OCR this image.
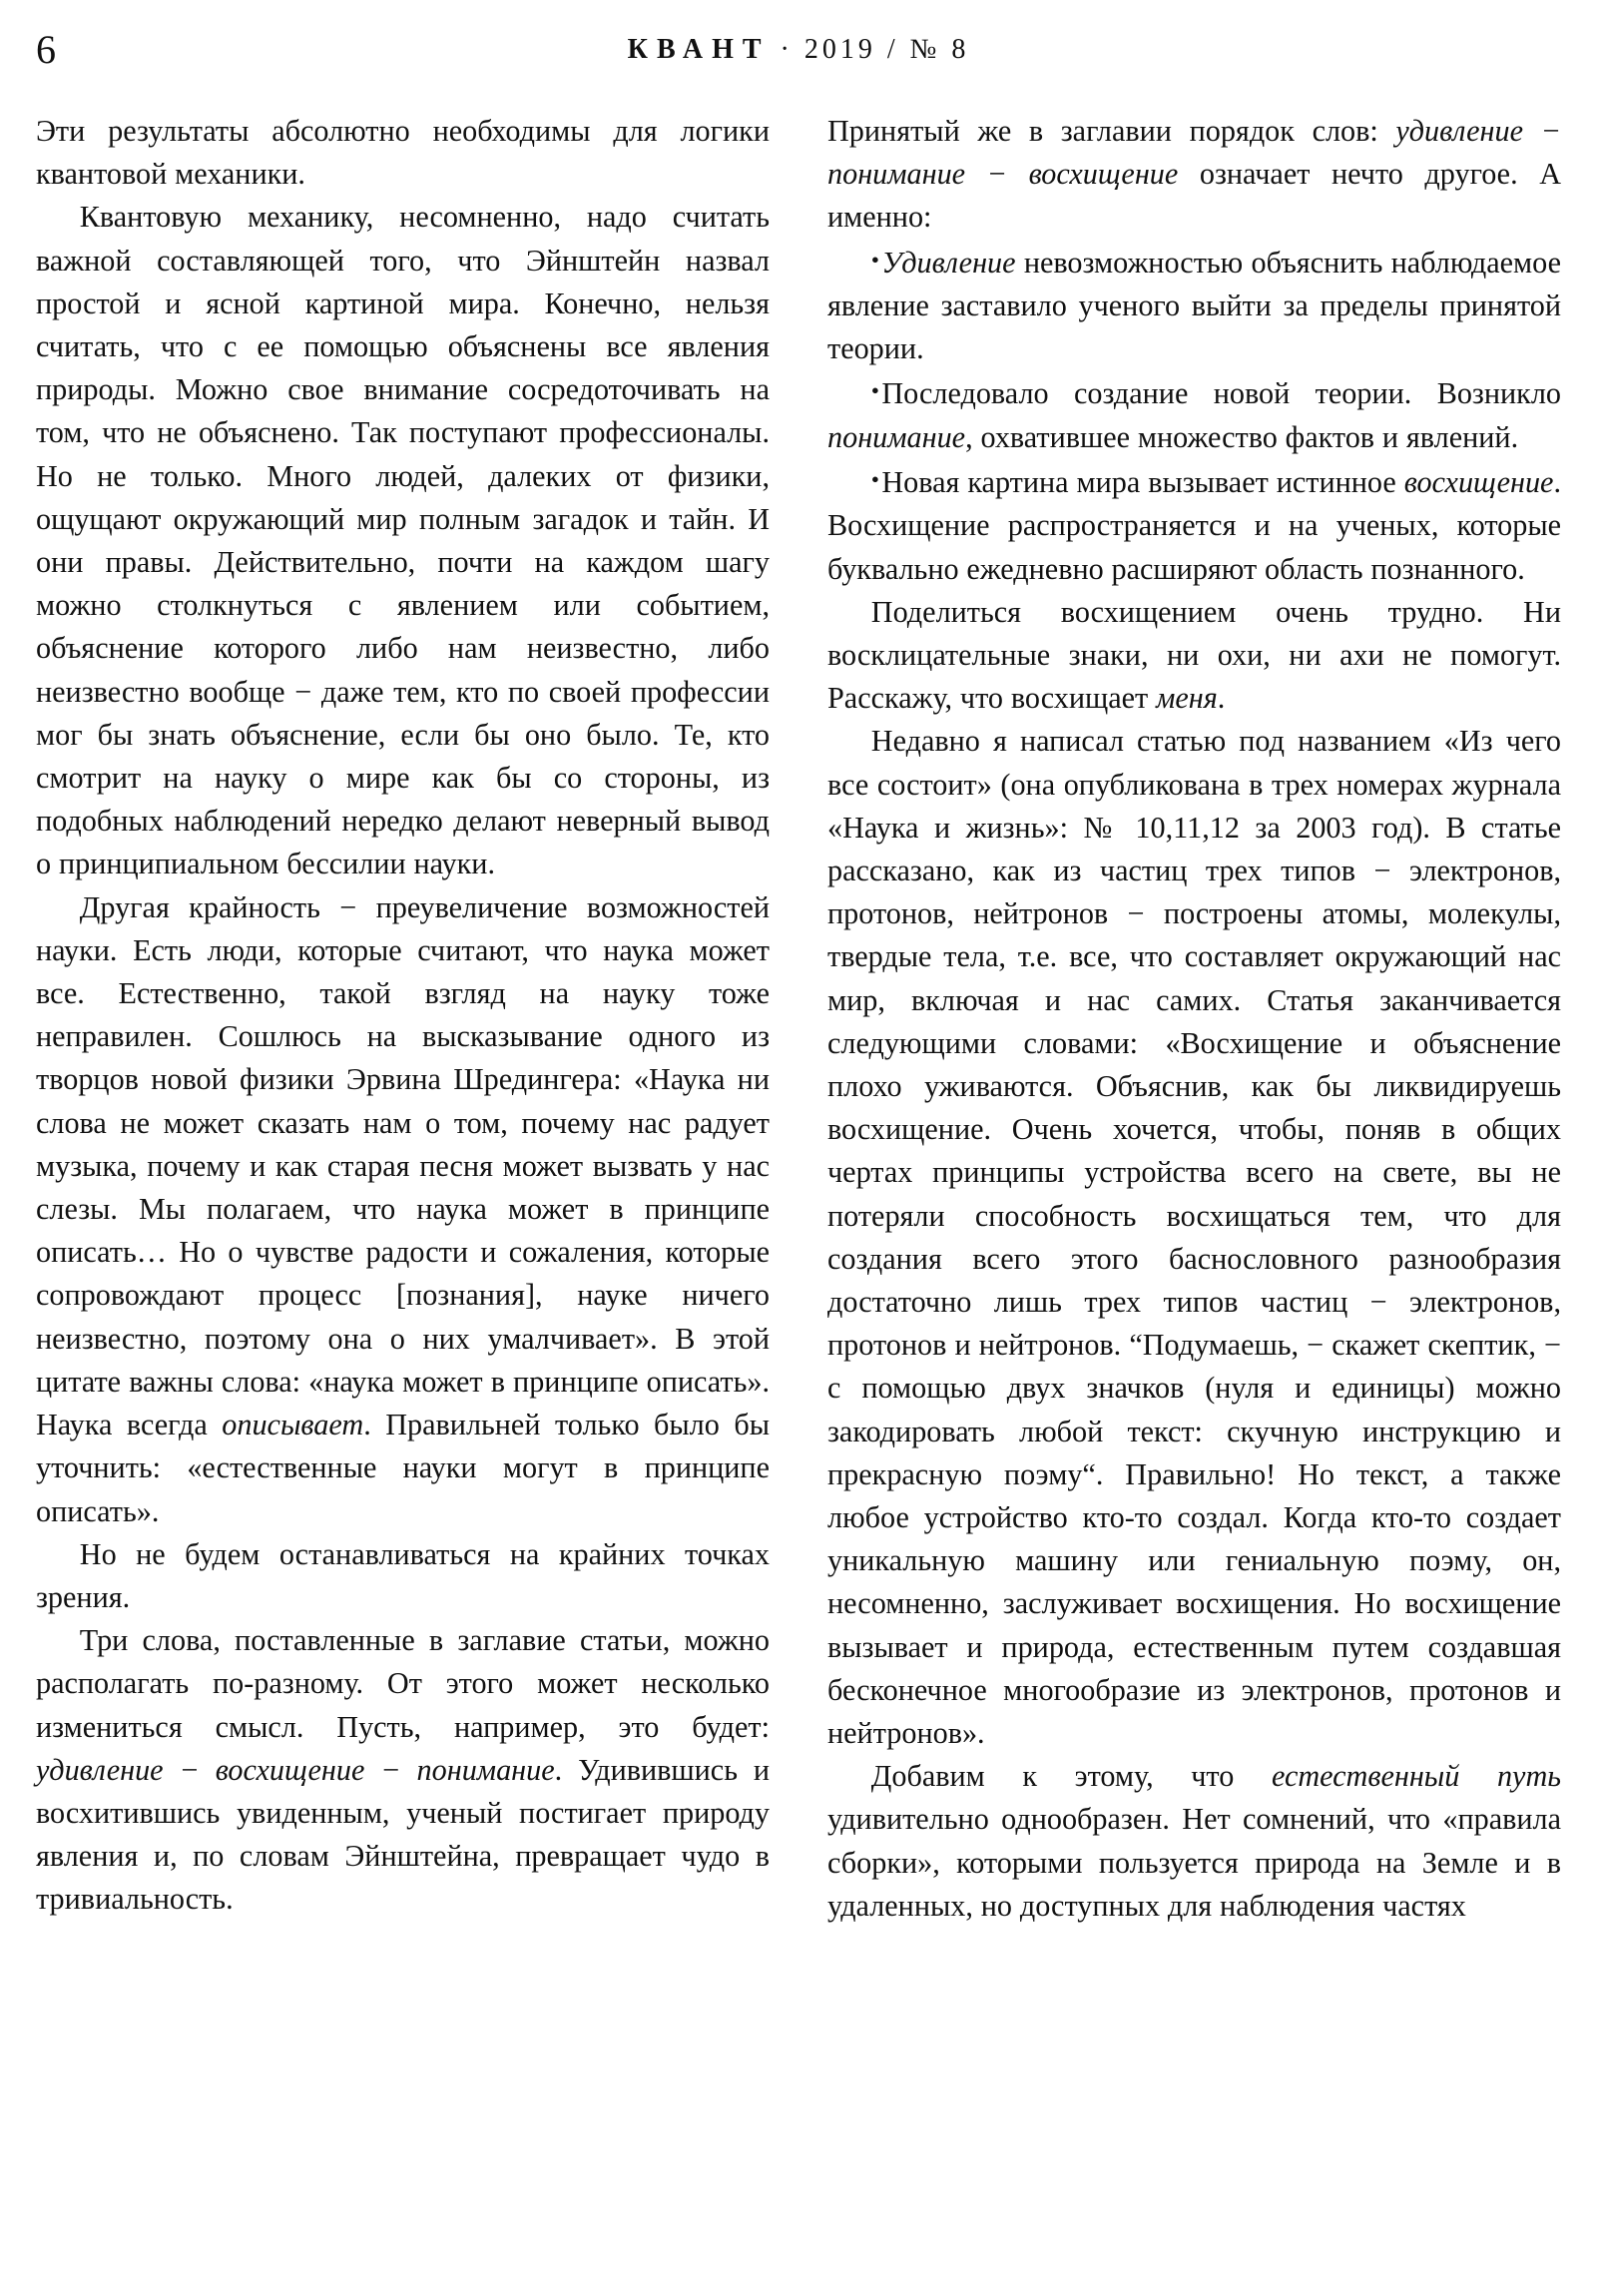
6	КВАНТ · 2019 / № 8

Эти результаты абсолютно необходимы для логики квантовой механики.

Квантовую механику, несомненно, надо считать важной составляющей того, что Эйнштейн назвал простой и ясной картиной мира. Конечно, нельзя считать, что с ее помощью объяснены все явления природы. Можно свое внимание сосредоточивать на том, что не объяснено. Так поступают профессионалы. Но не только. Много людей, далеких от физики, ощущают окружающий мир полным загадок и тайн. И они правы. Действительно, почти на каждом шагу можно столкнуться с явлением или событием, объяснение которого либо нам неизвестно, либо неизвестно вообще − даже тем, кто по своей профессии мог бы знать объяснение, если бы оно было. Те, кто смотрит на науку о мире как бы со стороны, из подобных наблюдений нередко делают неверный вывод о принципиальном бессилии науки.

Другая крайность − преувеличение возможностей науки. Есть люди, которые считают, что наука может все. Естественно, такой взгляд на науку тоже неправилен. Сошлюсь на высказывание одного из творцов новой физики Эрвина Шредингера: «Наука ни слова не может сказать нам о том, почему нас радует музыка, почему и как старая песня может вызвать у нас слезы. Мы полагаем, что наука может в принципе описать… Но о чувстве радости и сожаления, которые сопровождают процесс [познания], науке ничего неизвестно, поэтому она о них умалчивает». В этой цитате важны слова: «наука может в принципе описать». Наука всегда описывает. Правильней только было бы уточнить: «естественные науки могут в принципе описать».

Но не будем останавливаться на крайних точках зрения.

Три слова, поставленные в заглавие статьи, можно располагать по-разному. От этого может несколько измениться смысл. Пусть, например, это будет: удивление − восхищение − понимание. Удивившись и восхитившись увиденным, ученый постигает природу явления и, по словам Эйнштейна, превращает чудо в тривиальность.

Принятый же в заглавии порядок слов: удивление − понимание − восхищение означает нечто другое. А именно:

•Удивление невозможностью объяснить наблюдаемое явление заставило ученого выйти за пределы принятой теории.

•Последовало создание новой теории. Возникло понимание, охватившее множество фактов и явлений.

•Новая картина мира вызывает истинное восхищение. Восхищение распространяется и на ученых, которые буквально ежедневно расширяют область познанного.

Поделиться восхищением очень трудно. Ни восклицательные знаки, ни охи, ни ахи не помогут. Расскажу, что восхищает меня.

Недавно я написал статью под названием «Из чего все состоит» (она опубликована в трех номерах журнала «Наука и жизнь»: № 10,11,12 за 2003 год). В статье рассказано, как из частиц трех типов − электронов, протонов, нейтронов − построены атомы, молекулы, твердые тела, т.е. все, что составляет окружающий нас мир, включая и нас самих. Статья заканчивается следующими словами: «Восхищение и объяснение плохо уживаются. Объяснив, как бы ликвидируешь восхищение. Очень хочется, чтобы, поняв в общих чертах принципы устройства всего на свете, вы не потеряли способность восхищаться тем, что для создания всего этого баснословного разнообразия достаточно лишь трех типов частиц − электронов, протонов и нейтронов. “Подумаешь, − скажет скептик, − с помощью двух значков (нуля и единицы) можно закодировать любой текст: скучную инструкцию и прекрасную поэму“. Правильно! Но текст, а также любое устройство кто-то создал. Когда кто-то создает уникальную машину или гениальную поэму, он, несомненно, заслуживает восхищения. Но восхищение вызывает и природа, естественным путем создавшая бесконечное многообразие из электронов, протонов и нейтронов».

Добавим к этому, что естественный путь удивительно однообразен. Нет сомнений, что «правила сборки», которыми пользуется природа на Земле и в удаленных, но доступных для наблюдения частях
